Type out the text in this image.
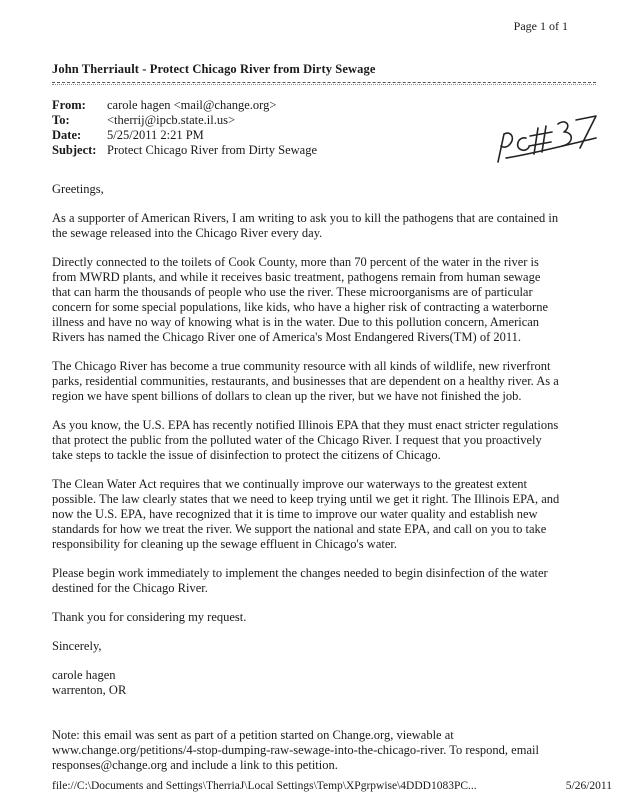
Page 1 of 1
John Therriault - Protect Chicago River from Dirty Sewage
From:	carole hagen <mail@change.org>
To:	<therrij@ipcb.state.il.us>
Date:	5/25/2011 2:21 PM
Subject: Protect Chicago River from Dirty Sewage

Greetings,

As a supporter of American Rivers, I am writing to ask you to kill the pathogens that are contained in the sewage released into the Chicago River every day.

Directly connected to the toilets of Cook County, more than 70 percent of the water in the river is from MWRD plants, and while it receives basic treatment, pathogens remain from human sewage that can harm the thousands of people who use the river. These microorganisms are of particular concern for some special populations, like kids, who have a higher risk of contracting a waterborne illness and have no way of knowing what is in the water. Due to this pollution concern, American Rivers has named the Chicago River one of America's Most Endangered Rivers(TM) of 2011.

The Chicago River has become a true community resource with all kinds of wildlife, new riverfront parks, residential communities, restaurants, and businesses that are dependent on a healthy river. As a region we have spent billions of dollars to clean up the river, but we have not finished the job.

As you know, the U.S. EPA has recently notified Illinois EPA that they must enact stricter regulations that protect the public from the polluted water of the Chicago River. I request that you proactively take steps to tackle the issue of disinfection to protect the citizens of Chicago.

The Clean Water Act requires that we continually improve our waterways to the greatest extent possible. The law clearly states that we need to keep trying until we get it right. The Illinois EPA, and now the U.S. EPA, have recognized that it is time to improve our water quality and establish new standards for how we treat the river. We support the national and state EPA, and call on you to take responsibility for cleaning up the sewage effluent in Chicago's water.

Please begin work immediately to implement the changes needed to begin disinfection of the water destined for the Chicago River.

Thank you for considering my request.

Sincerely,

carole hagen
warrenton, OR

Note: this email was sent as part of a petition started on Change.org, viewable at www.change.org/petitions/4-stop-dumping-raw-sewage-into-the-chicago-river. To respond, email responses@change.org and include a link to this petition.

file://C:\Documents and Settings\TherriaJ\Local Settings\Temp\XPgrpwise\4DDD1083PC...	5/26/2011
